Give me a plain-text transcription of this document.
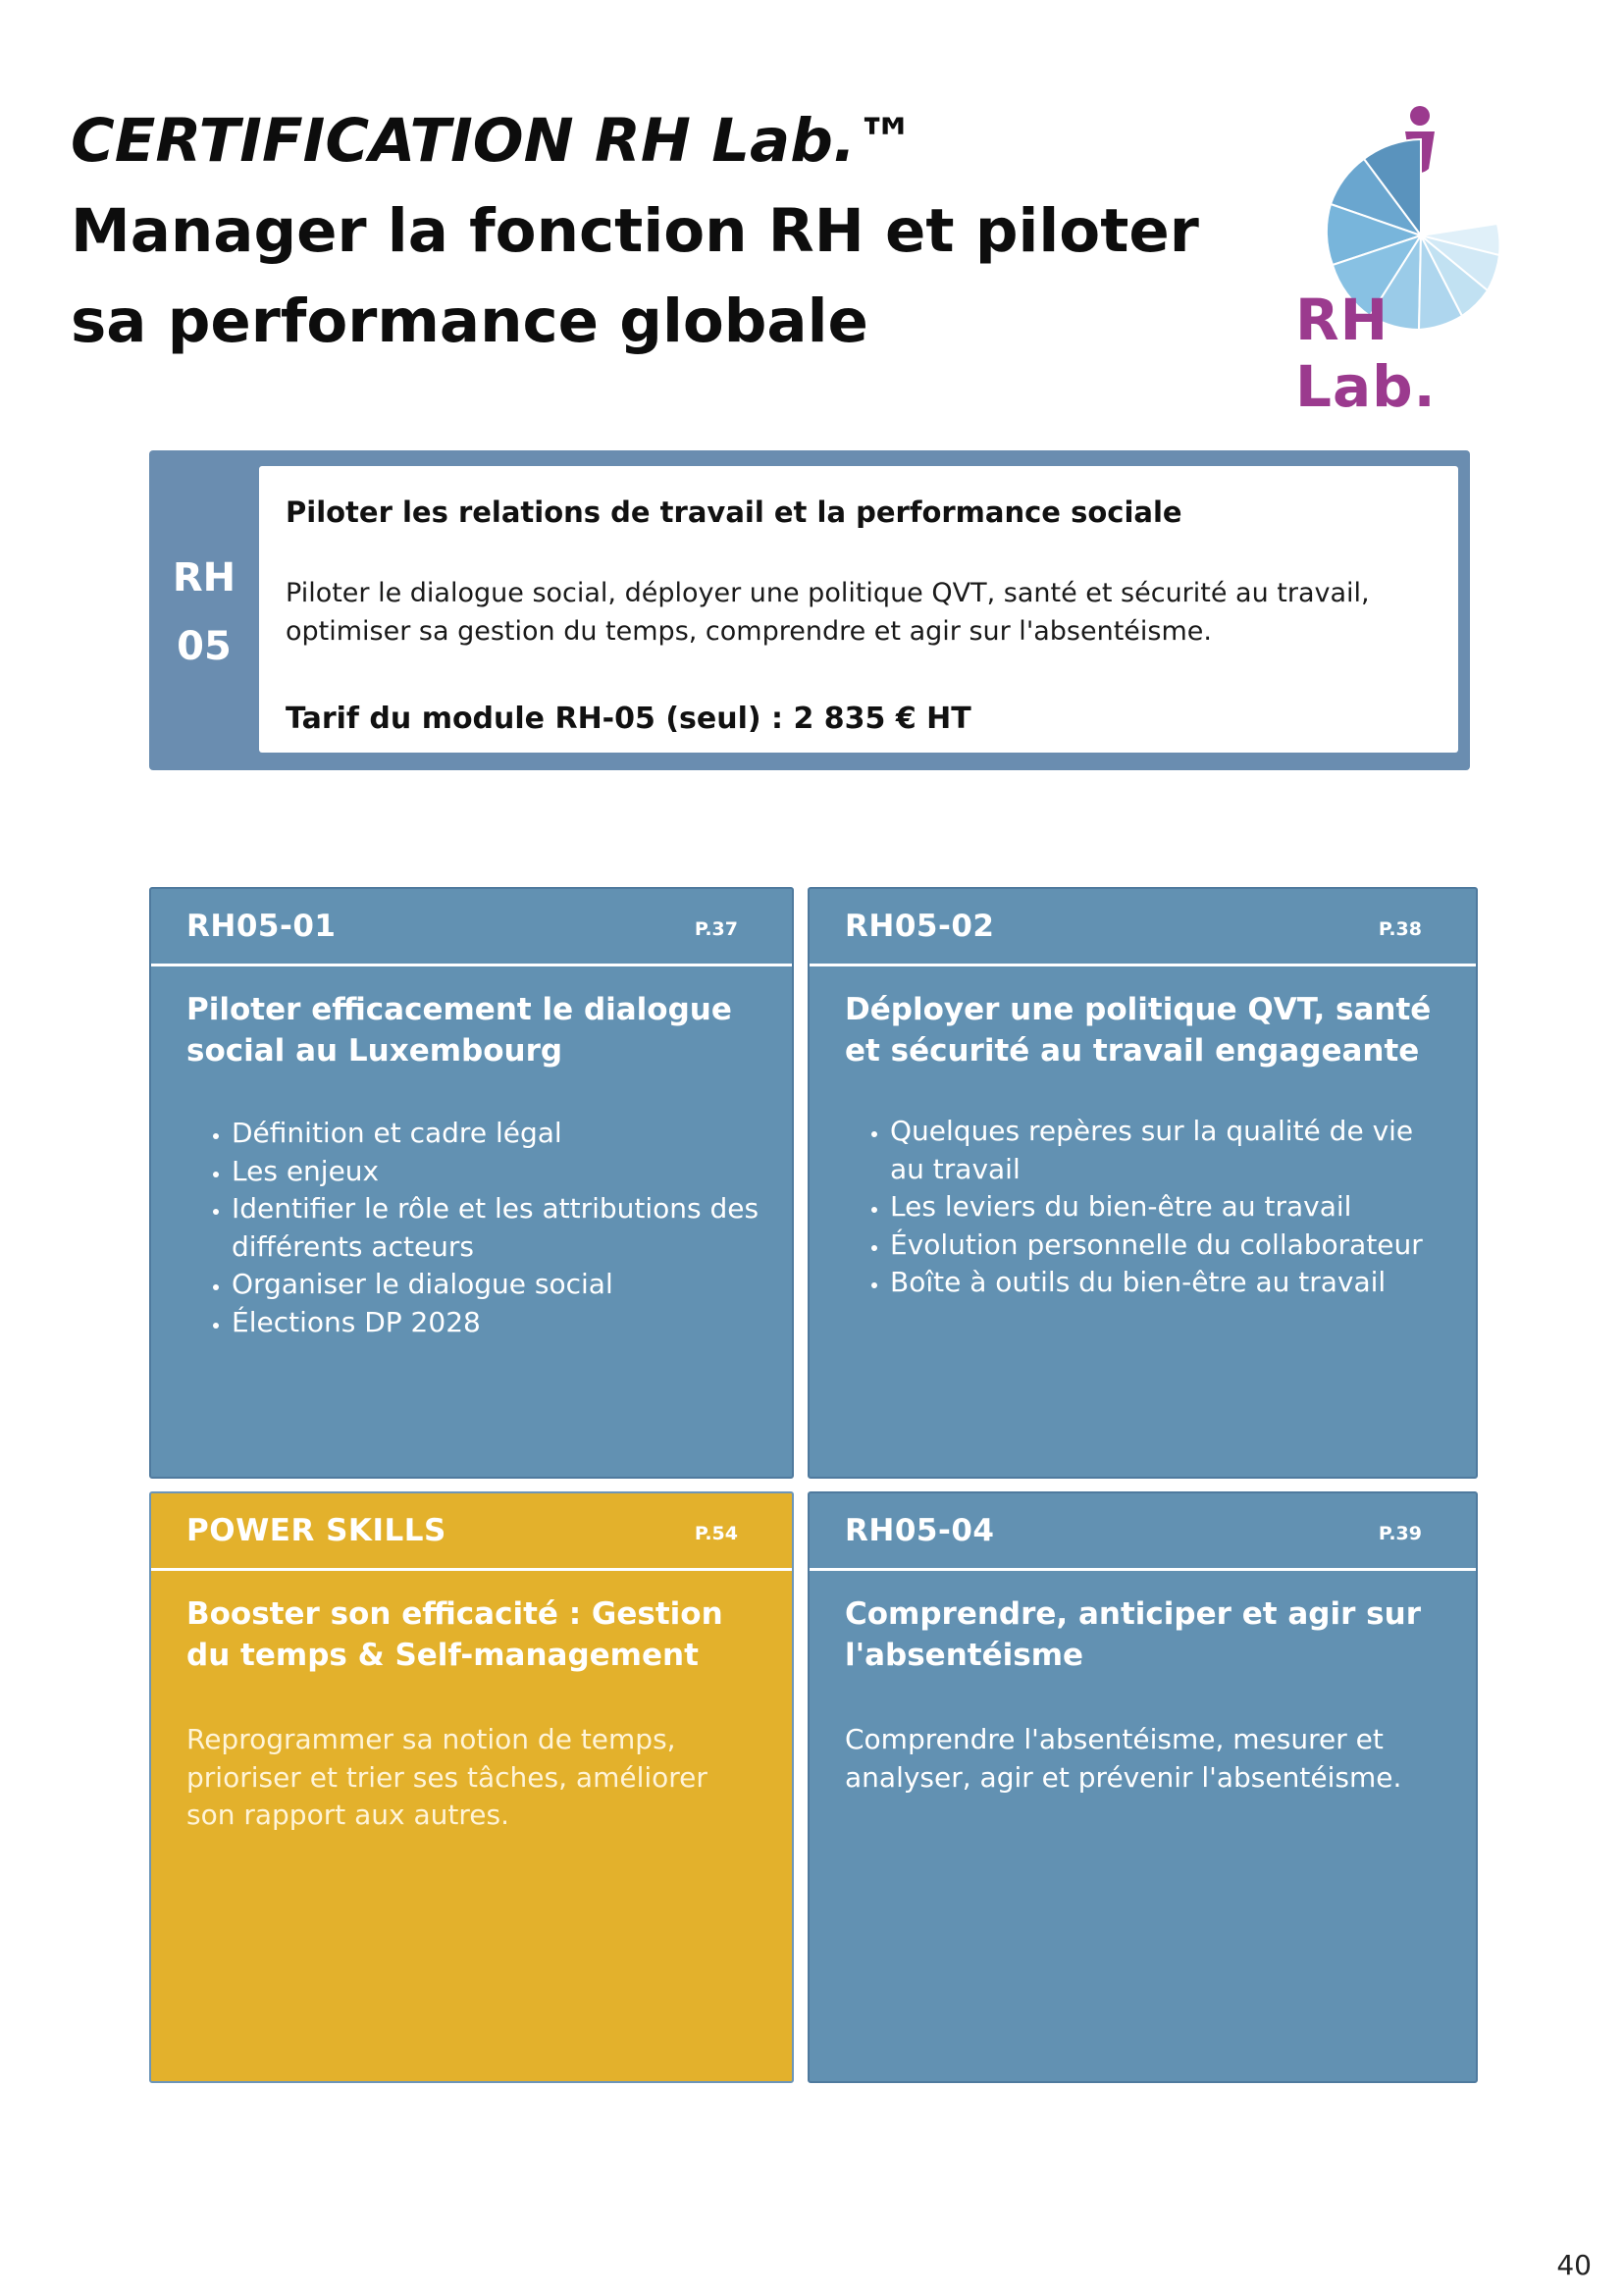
CERTIFICATION RH Lab.™
Manager la fonction RH et piloter
sa performance globale	RH Lab.
RH
05
Piloter les relations de travail et la performance sociale
Piloter le dialogue social, déployer une politique QVT, santé et sécurité au travail, optimiser sa gestion du temps, comprendre et agir sur l'absentéisme.
Tarif du module RH-05 (seul) : 2 835 € HT
RH05-01	P.37
Piloter efficacement le dialogue social au Luxembourg
• Définition et cadre légal
• Les enjeux
• Identifier le rôle et les attributions des différents acteurs
• Organiser le dialogue social
• Élections DP 2028
RH05-02	P.38
Déployer une politique QVT, santé et sécurité au travail engageante
• Quelques repères sur la qualité de vie au travail
• Les leviers du bien-être au travail
• Évolution personnelle du collaborateur
• Boîte à outils du bien-être au travail
POWER SKILLS	P.54
Booster son efficacité : Gestion du temps & Self-management
Reprogrammer sa notion de temps, prioriser et trier ses tâches, améliorer son rapport aux autres.
RH05-04	P.39
Comprendre, anticiper et agir sur l'absentéisme
Comprendre l'absentéisme, mesurer et analyser, agir et prévenir l'absentéisme.
40
